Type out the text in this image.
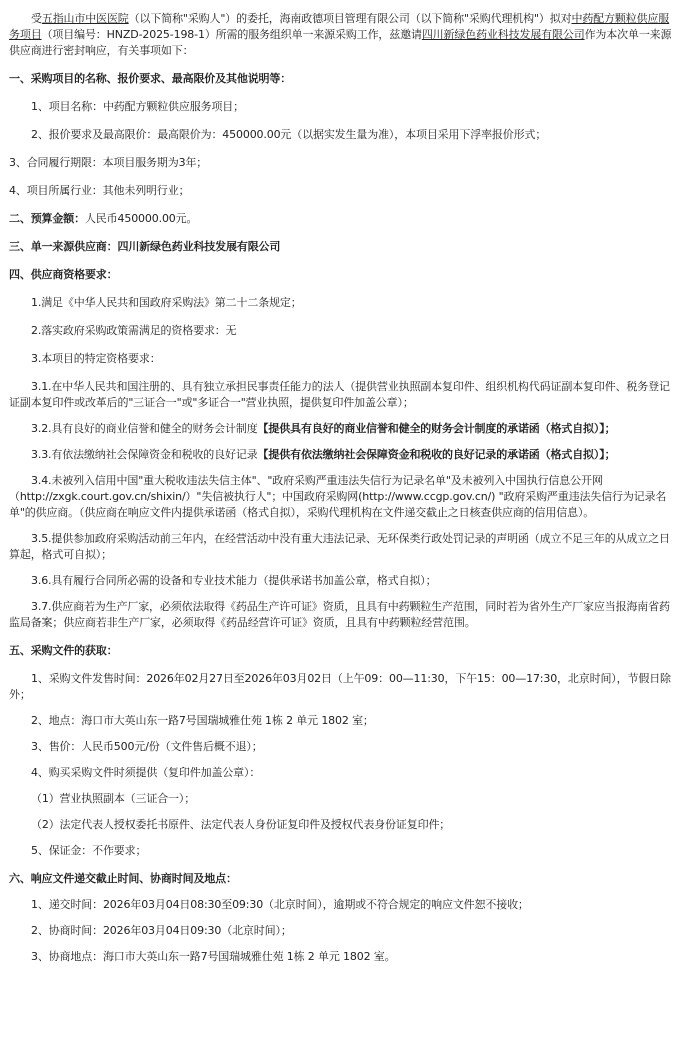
受五指山市中医医院（以下简称"采购人"）的委托，海南政德项目管理有限公司（以下简称"采购代理机构"）拟对中药配方颗粒供应服务项目（项目编号：HNZD-2025-198-1）所需的服务组织单一来源采购工作，兹邀请四川新绿色药业科技发展有限公司作为本次单一来源供应商进行密封响应，有关事项如下：

一、采购项目的名称、报价要求、最高限价及其他说明等：

1、项目名称：中药配方颗粒供应服务项目；

2、报价要求及最高限价：最高限价为：450000.00元（以据实发生量为准），本项目采用下浮率报价形式；

3、合同履行期限：本项目服务期为3年；

4、项目所属行业：其他未列明行业；

二、预算金额：人民币450000.00元。

三、单一来源供应商：四川新绿色药业科技发展有限公司

四、供应商资格要求：

1.满足《中华人民共和国政府采购法》第二十二条规定；

2.落实政府采购政策需满足的资格要求：无

3.本项目的特定资格要求：

3.1.在中华人民共和国注册的、具有独立承担民事责任能力的法人（提供营业执照副本复印件、组织机构代码证副本复印件、税务登记证副本复印件或改革后的"三证合一"或"多证合一"营业执照，提供复印件加盖公章）；

3.2.具有良好的商业信誉和健全的财务会计制度【提供具有良好的商业信誉和健全的财务会计制度的承诺函（格式自拟）】；

3.3.有依法缴纳社会保障资金和税收的良好记录【提供有依法缴纳社会保障资金和税收的良好记录的承诺函（格式自拟）】；

3.4.未被列入信用中国"重大税收违法失信主体"、"政府采购严重违法失信行为记录名单"及未被列入中国执行信息公开网（http://zxgk.court.gov.cn/shixin/）"失信被执行人"；中国政府采购网(http://www.ccgp.gov.cn/) "政府采购严重违法失信行为记录名单"的供应商。（供应商在响应文件内提供承诺函（格式自拟），采购代理机构在文件递交截止之日核查供应商的信用信息）。

3.5.提供参加政府采购活动前三年内，在经营活动中没有重大违法记录、无环保类行政处罚记录的声明函（成立不足三年的从成立之日算起，格式可自拟）；

3.6.具有履行合同所必需的设备和专业技术能力（提供承诺书加盖公章，格式自拟）；

3.7.供应商若为生产厂家，必须依法取得《药品生产许可证》资质，且具有中药颗粒生产范围，同时若为省外生产厂家应当报海南省药监局备案；供应商若非生产厂家，必须取得《药品经营许可证》资质，且具有中药颗粒经营范围。

五、采购文件的获取：

1、采购文件发售时间：2026年02月27日至2026年03月02日（上午09：00—11:30，下午15：00—17:30，北京时间），节假日除外；

2、地点：海口市大英山东一路7号国瑞城雅仕苑 1栋 2 单元 1802 室；

3、售价：人民币500元/份（文件售后概不退）；

4、购买采购文件时须提供（复印件加盖公章）：

（1）营业执照副本（三证合一）；

（2）法定代表人授权委托书原件、法定代表人身份证复印件及授权代表身份证复印件；

5、保证金：不作要求；

六、响应文件递交截止时间、协商时间及地点：

1、递交时间：2026年03月04日08:30至09:30（北京时间），逾期或不符合规定的响应文件恕不接收；

2、协商时间：2026年03月04日09:30（北京时间）；

3、协商地点：海口市大英山东一路7号国瑞城雅仕苑 1栋 2 单元 1802 室。
